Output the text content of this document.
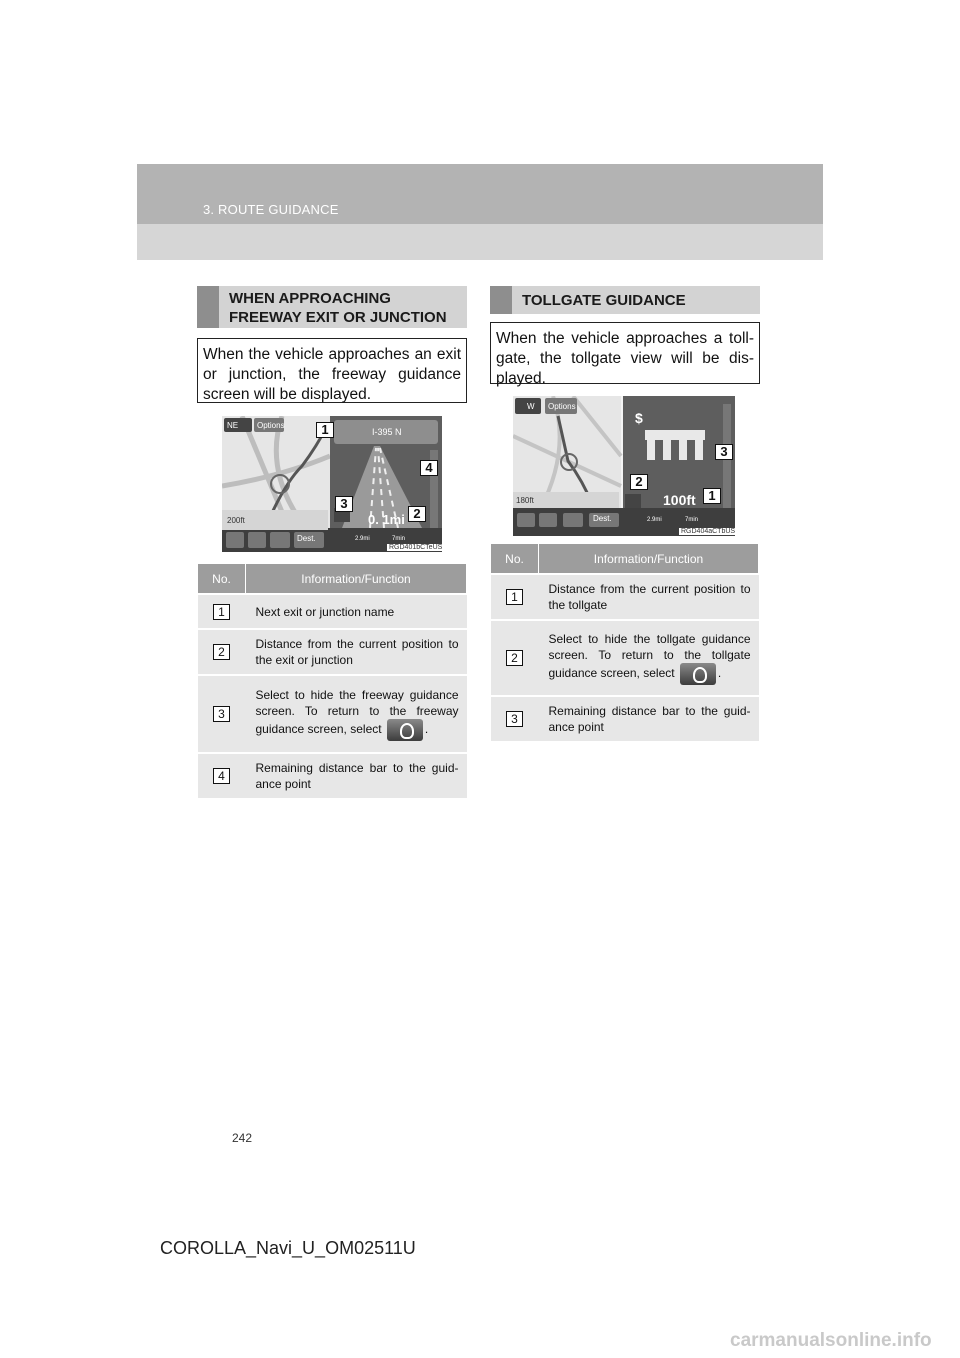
3. ROUTE GUIDANCE
WHEN APPROACHING FREEWAY EXIT OR JUNCTION
When the vehicle approaches an exit or junction, the freeway guidance screen will be displayed.
NE Options
I-395 N
200ft	0. 1mi
Dest.	2.9mi	7min
RGD401bCTeUS
1
2
3
4
No.	Information/Function
1	Next exit or junction name
2	Distance from the current position to the exit or junction
3	Select to hide the freeway guidance screen. To return to the freeway guidance screen, select .
4	Remaining distance bar to the guid-ance point
TOLLGATE GUIDANCE
When the vehicle approaches a toll-gate, the tollgate view will be dis-played.
W Options
180ft
$
100ft
Dest.	2.9mi	7min
RGD404aCTbUS
1
2
3
No.	Information/Function
1	Distance from the current position to the tollgate
2	Select to hide the tollgate guidance screen. To return to the tollgate guidance screen, select .
3	Remaining distance bar to the guid-ance point
242
COROLLA_Navi_U_OM02511U
carmanualsonline.info
